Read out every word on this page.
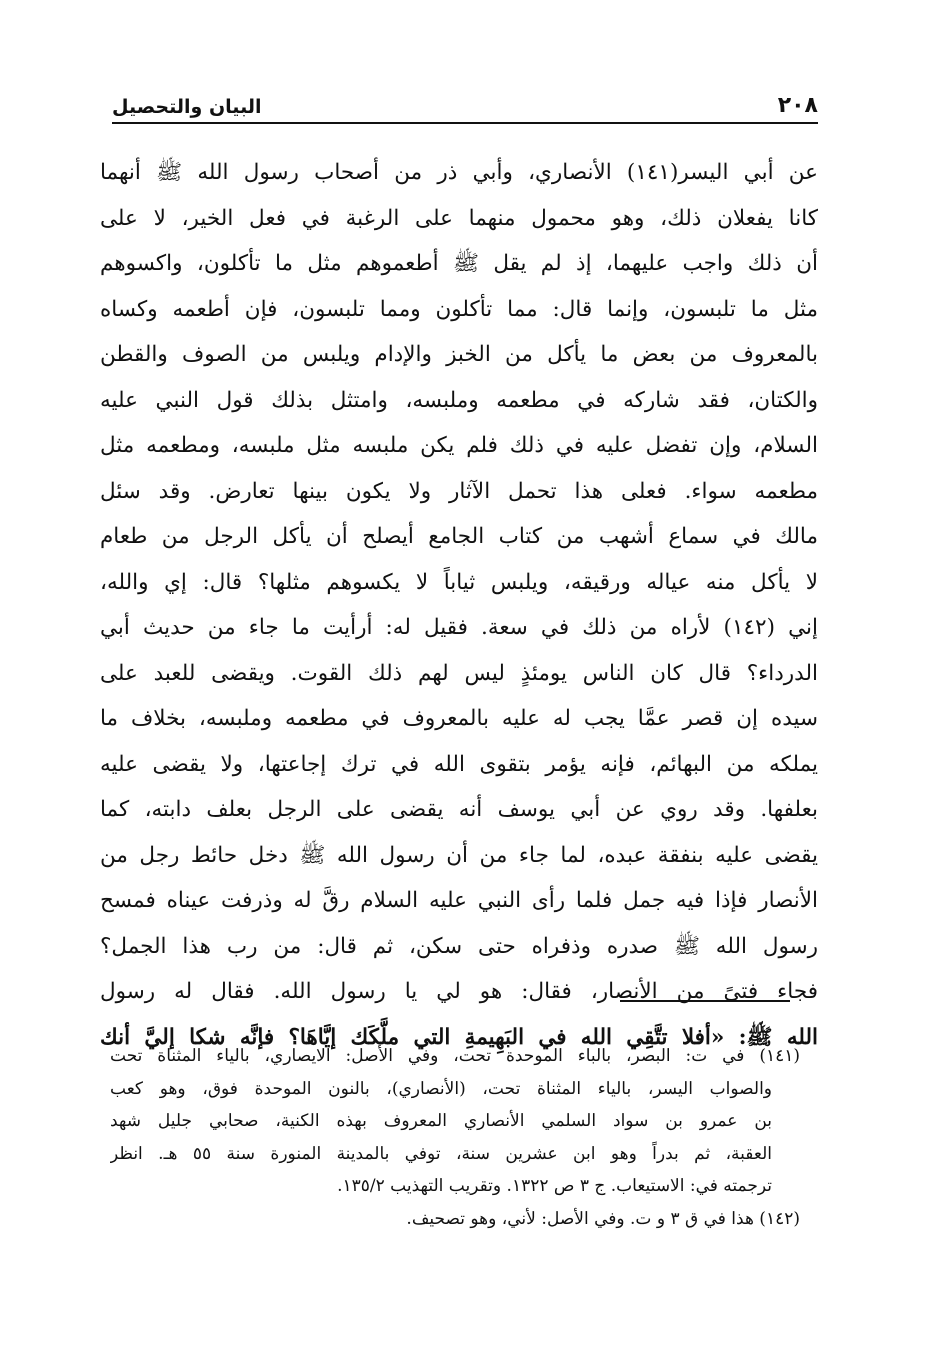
٢٠٨
البيان والتحصيل
عن أبي اليسر(١٤١) الأنصاري، وأبي ذر من أصحاب رسول الله ﷺ أنهما
كانا يفعلان ذلك، وهو محمول منهما على الرغبة في فعل الخير، لا على
أن ذلك واجب عليهما، إذ لم يقل ﷺ أطعموهم مثل ما تأكلون، واكسوهم
مثل ما تلبسون، وإنما قال: مما تأكلون ومما تلبسون، فإن أطعمه وكساه
بالمعروف من بعض ما يأكل من الخبز والإدام ويلبس من الصوف والقطن
والكتان، فقد شاركه في مطعمه وملبسه، وامتثل بذلك قول النبي عليه
السلام، وإن تفضل عليه في ذلك فلم يكن ملبسه مثل ملبسه، ومطعمه مثل
مطعمه سواء. فعلى هذا تحمل الآثار ولا يكون بينها تعارض. وقد سئل
مالك في سماع أشهب من كتاب الجامع أيصلح أن يأكل الرجل من طعام
لا يأكل منه عياله ورقيقه، ويلبس ثياباً لا يكسوهم مثلها؟ قال: إي والله،
إني (١٤٢) لأراه من ذلك في سعة. فقيل له: أرأيت ما جاء من حديث أبي
الدرداء؟ قال كان الناس يومئذٍ ليس لهم ذلك القوت. ويقضى للعبد على
سيده إن قصر عمَّا يجب له عليه بالمعروف في مطعمه وملبسه، بخلاف ما
يملكه من البهائم، فإنه يؤمر بتقوى الله في ترك إجاعتها، ولا يقضى عليه
بعلفها. وقد روي عن أبي يوسف أنه يقضى على الرجل بعلف دابته، كما
يقضى عليه بنفقة عبده، لما جاء من أن رسول الله ﷺ دخل حائط رجل من
الأنصار فإذا فيه جمل فلما رأى النبي عليه السلام رقَّ له وذرفت عيناه فمسح
رسول الله ﷺ صدره وذفراه حتى سكن، ثم قال: من رب هذا الجمل؟
فجاء فتىً من الأنصار، فقال: هو لي يا رسول الله. فقال له رسول
الله ﷺ: «أفلا تتَّقِي الله في البَهِيمةِ التي ملَّكَك إيَّاهَا؟ فإنَّه شكا إليَّ أنك
(١٤١) في ت: البصر، بالباء الموحدة تحت، وفي الأصل: الايصاري، بالياء المثناة تحت
والصواب اليسر، بالياء المثناة تحت، (الأنصاري)، بالنون الموحدة فوق، وهو كعب
بن عمرو بن سواد السلمي الأنصاري المعروف بهذه الكنية، صحابي جليل شهد
العقبة، ثم بدراً وهو ابن عشرين سنة، توفي بالمدينة المنورة سنة ٥٥ هـ. انظر
ترجمته في: الاستيعاب. ج ٣ ص ١٣٢٢. وتقريب التهذيب ١٣٥/٢.
(١٤٢) هذا في ق ٣ و ت. وفي الأصل: لأني، وهو تصحيف.
